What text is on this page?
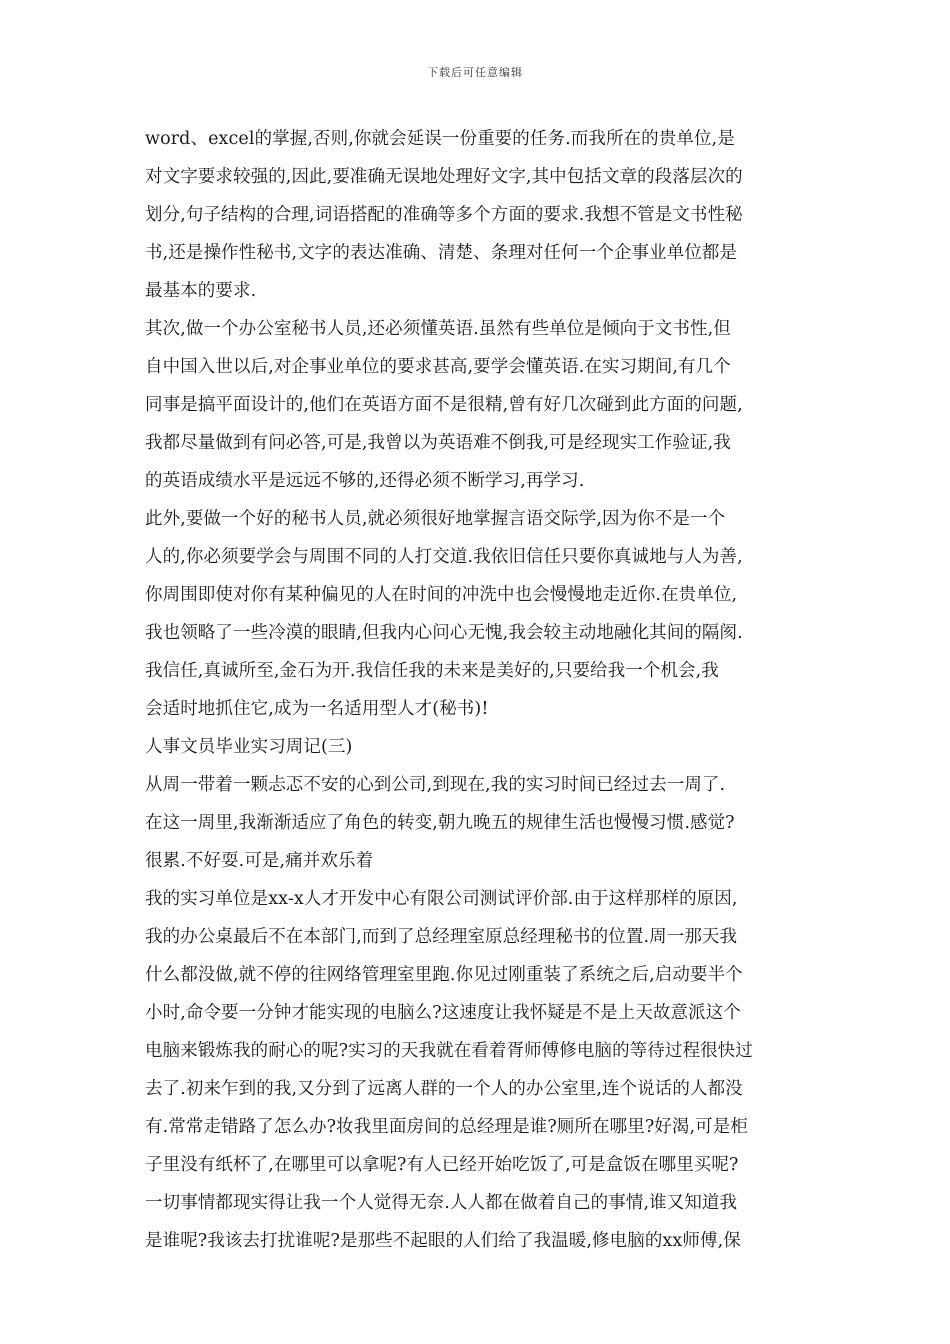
下载后可任意编辑
word、excel的掌握,否则,你就会延误一份重要的任务.而我所在的贵单位,是
对文字要求较强的,因此,要准确无误地处理好文字,其中包括文章的段落层次的
划分,句子结构的合理,词语搭配的准确等多个方面的要求.我想不管是文书性秘
书,还是操作性秘书,文字的表达准确、清楚、条理对任何一个企事业单位都是
最基本的要求.
其次,做一个办公室秘书人员,还必须懂英语.虽然有些单位是倾向于文书性,但
自中国入世以后,对企事业单位的要求甚高,要学会懂英语.在实习期间,有几个
同事是搞平面设计的,他们在英语方面不是很精,曾有好几次碰到此方面的问题,
我都尽量做到有问必答,可是,我曾以为英语难不倒我,可是经现实工作验证,我
的英语成绩水平是远远不够的,还得必须不断学习,再学习.
此外,要做一个好的秘书人员,就必须很好地掌握言语交际学,因为你不是一个
人的,你必须要学会与周围不同的人打交道.我依旧信任只要你真诚地与人为善,
你周围即使对你有某种偏见的人在时间的冲洗中也会慢慢地走近你.在贵单位,
我也领略了一些冷漠的眼睛,但我内心问心无愧,我会较主动地融化其间的隔阂.
我信任,真诚所至,金石为开.我信任我的未来是美好的,只要给我一个机会,我
会适时地抓住它,成为一名适用型人才(秘书)!
人事文员毕业实习周记(三)
从周一带着一颗忐忑不安的心到公司,到现在,我的实习时间已经过去一周了.
在这一周里,我渐渐适应了角色的转变,朝九晚五的规律生活也慢慢习惯.感觉?
很累.不好耍.可是,痛并欢乐着
我的实习单位是xx-x人才开发中心有限公司测试评价部.由于这样那样的原因,
我的办公桌最后不在本部门,而到了总经理室原总经理秘书的位置.周一那天我
什么都没做,就不停的往网络管理室里跑.你见过刚重装了系统之后,启动要半个
小时,命令要一分钟才能实现的电脑么?这速度让我怀疑是不是上天故意派这个
电脑来锻炼我的耐心的呢?实习的天我就在看着胥师傅修电脑的等待过程很快过
去了.初来乍到的我,又分到了远离人群的一个人的办公室里,连个说话的人都没
有.常常走错路了怎么办?妆我里面房间的总经理是谁?厕所在哪里?好渴,可是柜
子里没有纸杯了,在哪里可以拿呢?有人已经开始吃饭了,可是盒饭在哪里买呢?
一切事情都现实得让我一个人觉得无奈.人人都在做着自己的事情,谁又知道我
是谁呢?我该去打扰谁呢?是那些不起眼的人们给了我温暖,修电脑的xx师傅,保
